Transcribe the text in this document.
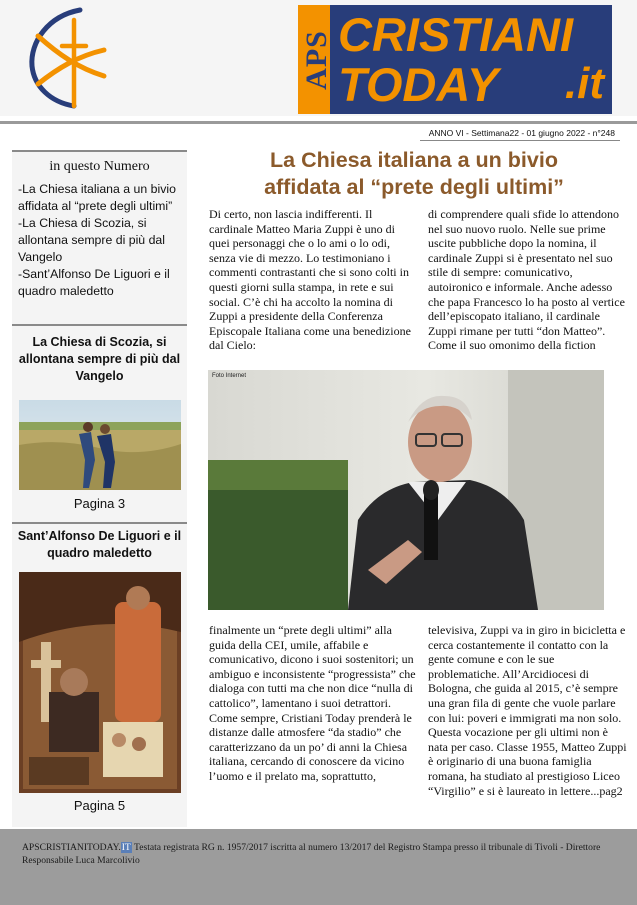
APS CRISTIANI
TODAY .it
ANNO VI - Settimana22 - 01 giugno 2022 - n°248
in questo Numero
-La Chiesa italiana a un bivio affidata al “prete degli ultimi”
-La Chiesa di Scozia, si allontana sempre di più dal Vangelo
-Sant’Alfonso De Liguori e il quadro maledetto
La Chiesa di Scozia, si allontana sempre di più dal Vangelo
Pagina 3
Sant’Alfonso De Liguori e il quadro maledetto
Pagina 5
La Chiesa italiana a un bivio
affidata al “prete degli ultimi”
Di certo, non lascia indifferenti. Il cardinale Matteo Maria Zuppi è uno di quei personaggi che o lo ami o lo odi, senza vie di mezzo. Lo testimoniano i commenti contrastanti che si sono colti in questi giorni sulla stampa, in rete e sui social. C’è chi ha accolto la nomina di Zuppi a presidente della Conferenza Episcopale Italiana come una benedizione dal Cielo:
di comprendere quali sfide lo attendono nel suo nuovo ruolo. Nelle sue prime uscite pubbliche dopo la nomina, il cardinale Zuppi si è presentato nel suo stile di sempre: comunicativo, autoironico e informale. Anche adesso che papa Francesco lo ha posto al vertice dell’episcopato italiano, il cardinale Zuppi rimane per tutti “don Matteo”. Come il suo omonimo della fiction
Foto Internet
finalmente un “prete degli ultimi” alla guida della CEI, umile, affabile e comunicativo, dicono i suoi sostenitori; un ambiguo e inconsistente “progressista” che dialoga con tutti ma che non dice “nulla di cattolico”, lamentano i suoi detrattori. Come sempre, Cristiani Today prenderà le distanze dalle atmosfere “da stadio” che caratterizzano da un po’ di anni la Chiesa italiana, cercando di conoscere da vicino l’uomo e il prelato ma, soprattutto,
televisiva, Zuppi va in giro in bicicletta e cerca costantemente il contatto con la gente comune e con le sue problematiche. All’Arcidiocesi di Bologna, che guida al 2015, c’è sempre una gran fila di gente che vuole parlare con lui: poveri e immigrati ma non solo. Questa vocazione per gli ultimi non è nata per caso. Classe 1955, Matteo Zuppi è originario di una buona famiglia romana, ha studiato al prestigioso Liceo “Virgilio” e si è laureato in lettere...pag2
APSCRISTIANITODAY.IT Testata registrata RG n. 1957/2017 iscritta al numero 13/2017 del Registro Stampa presso il tribunale di Tivoli - Direttore Responsabile Luca Marcolivio
